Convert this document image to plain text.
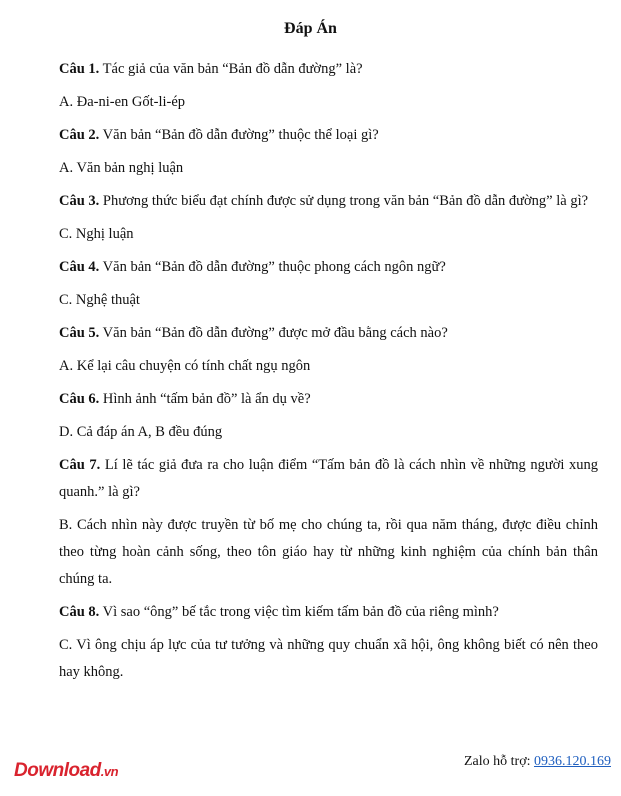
Đáp Án

Câu 1. Tác giả của văn bản “Bản đồ dẫn đường” là?

A. Đa-ni-en Gốt-li-ép

Câu 2. Văn bản “Bản đồ dẫn đường” thuộc thể loại gì?

A. Văn bản nghị luận

Câu 3. Phương thức biểu đạt chính được sử dụng trong văn bản “Bản đồ dẫn đường” là gì?

C. Nghị luận

Câu 4. Văn bản “Bản đồ dẫn đường” thuộc phong cách ngôn ngữ?

C. Nghệ thuật

Câu 5. Văn bản “Bản đồ dẫn đường” được mở đầu bằng cách nào?

A. Kể lại câu chuyện có tính chất ngụ ngôn

Câu 6. Hình ảnh “tấm bản đồ” là ẩn dụ về?

D. Cả đáp án A, B đều đúng

Câu 7. Lí lẽ tác giả đưa ra cho luận điểm “Tấm bản đồ là cách nhìn về những người xung quanh.” là gì?

B. Cách nhìn này được truyền từ bố mẹ cho chúng ta, rồi qua năm tháng, được điều chỉnh theo từng hoàn cảnh sống, theo tôn giáo hay từ những kinh nghiệm của chính bản thân chúng ta.

Câu 8. Vì sao “ông” bế tắc trong việc tìm kiếm tấm bản đồ của riêng mình?

C. Vì ông chịu áp lực của tư tưởng và những quy chuẩn xã hội, ông không biết có nên theo hay không.

Download.vn
Zalo hỗ trợ: 0936.120.169
